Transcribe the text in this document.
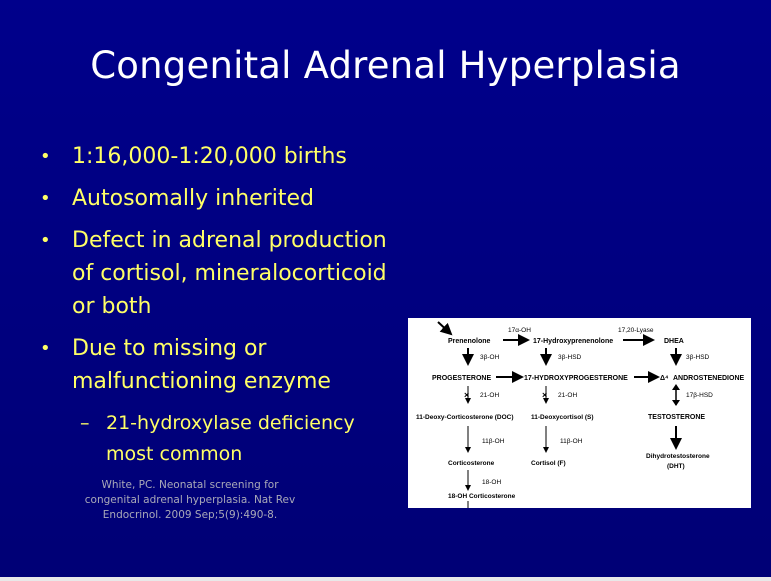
Congenital Adrenal Hyperplasia
• 1:16,000-1:20,000 births
• Autosomally inherited
• Defect in adrenal production of cortisol, mineralocorticoid or both
• Due to missing or malfunctioning enzyme
– 21-hydroxylase deficiency most common
White, PC. Neonatal screening for congenital adrenal hyperplasia. Nat Rev Endocrinol. 2009 Sep;5(9):490-8.
Prenenolone
17α-OH
17-Hydroxyprenenolone
17,20-Lyase
DHEA
3β-OH	3β-HSD	3β-HSD
PROGESTERONE	17-HYDROXYPROGESTERONE	Δ⁴ ANDROSTENEDIONE
× 21-OH	× 21-OH	17β-HSD
11-Deoxy-Corticosterone (DOC)	11-Deoxycortisol (S)	TESTOSTERONE
11β-OH	11β-OH
Corticosterone	Cortisol (F)
Dihydrotestosterone
(DHT)
18-OH
18-OH Corticosterone
